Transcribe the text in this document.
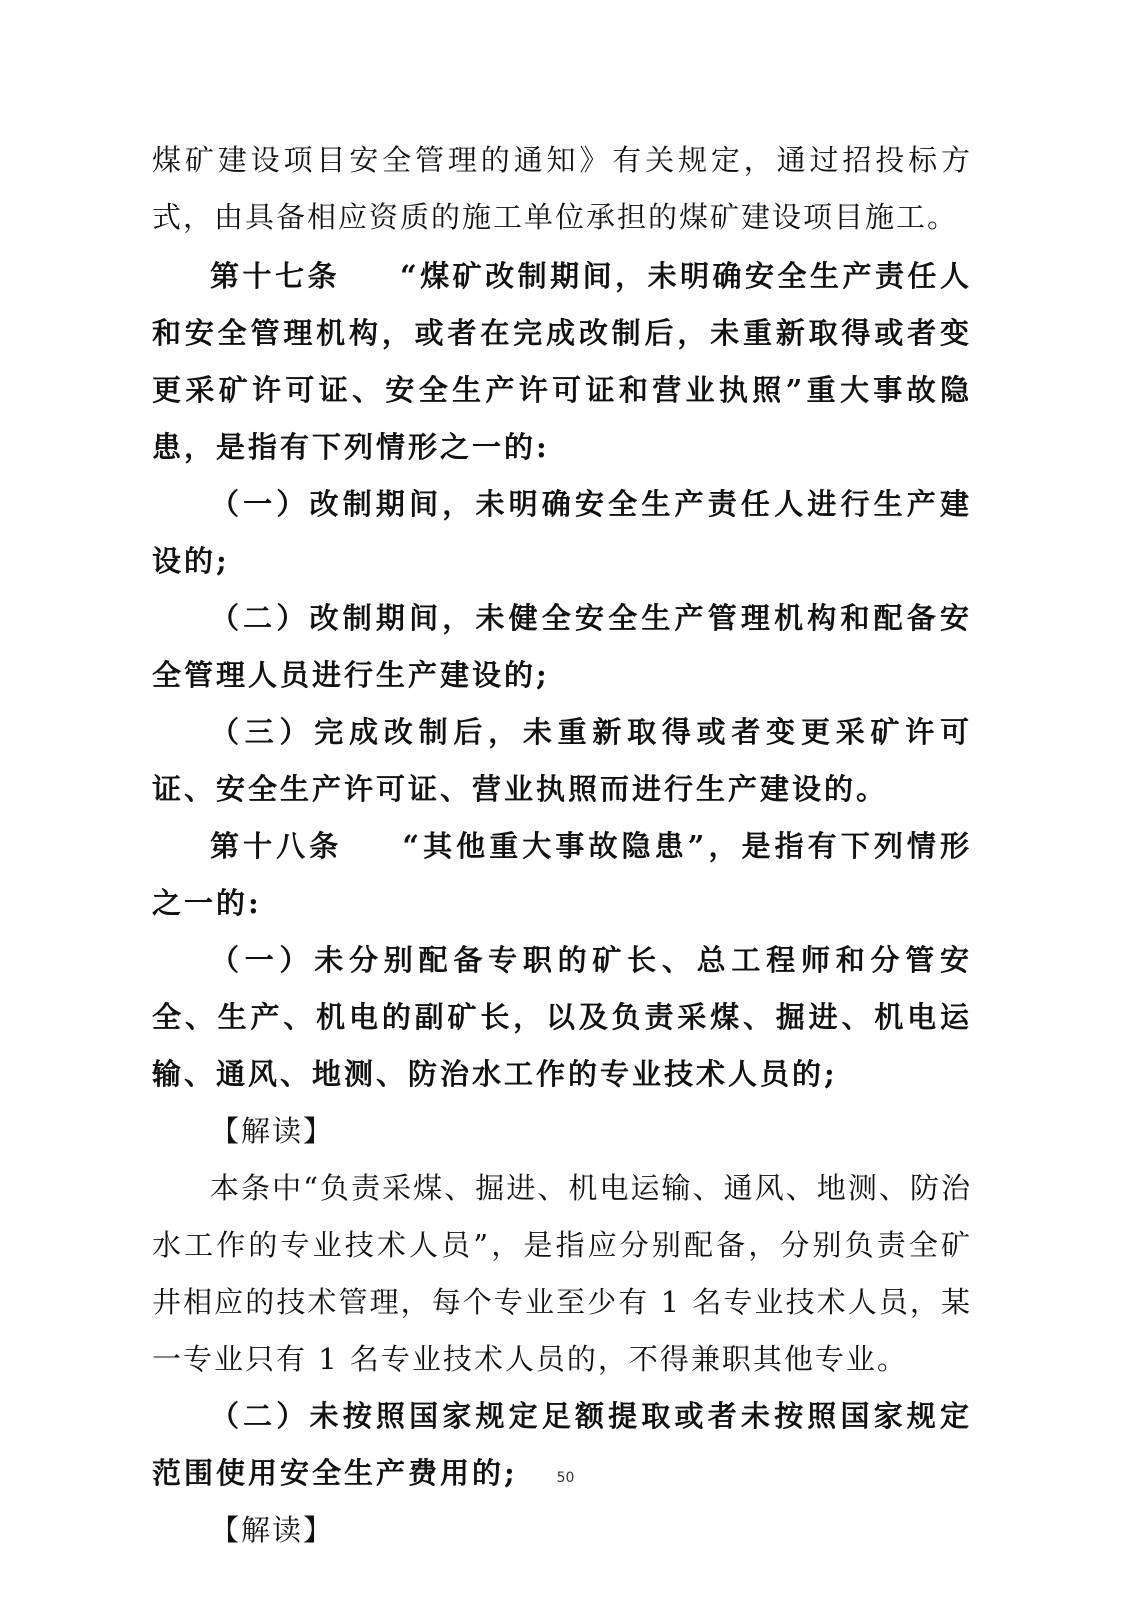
煤矿建设项目安全管理的通知》有关规定，通过招投标方式，由具备相应资质的施工单位承担的煤矿建设项目施工。

第十七条 “煤矿改制期间，未明确安全生产责任人和安全管理机构，或者在完成改制后，未重新取得或者变更采矿许可证、安全生产许可证和营业执照”重大事故隐患，是指有下列情形之一的:

（一）改制期间，未明确安全生产责任人进行生产建设的;

（二）改制期间，未健全安全生产管理机构和配备安全管理人员进行生产建设的;

（三）完成改制后，未重新取得或者变更采矿许可证、安全生产许可证、营业执照而进行生产建设的。

第十八条 “其他重大事故隐患”，是指有下列情形之一的:

（一）未分别配备专职的矿长、总工程师和分管安全、生产、机电的副矿长，以及负责采煤、掘进、机电运输、通风、地测、防治水工作的专业技术人员的;

【解读】

本条中“负责采煤、掘进、机电运输、通风、地测、防治水工作的专业技术人员”，是指应分别配备，分别负责全矿井相应的技术管理，每个专业至少有 1 名专业技术人员，某一专业只有 1 名专业技术人员的，不得兼职其他专业。

（二）未按照国家规定足额提取或者未按照国家规定范围使用安全生产费用的;

【解读】

50
